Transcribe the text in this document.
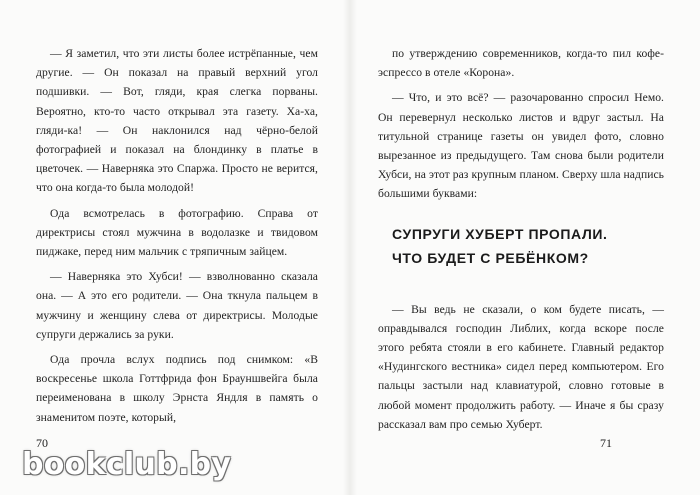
— Я заметил, что эти листы более истрёпанные, чем другие. — Он показал на правый верхний угол подшивки. — Вот, гляди, края слегка порваны. Вероятно, кто-то часто открывал эта газету. Ха-ха, гляди-ка! — Он наклонился над чёрно-белой фотографией и показал на блондинку в платье в цветочек. — Наверняка это Спаржа. Просто не верится, что она когда-то была молодой!

Ода всмотрелась в фотографию. Справа от директрисы стоял мужчина в водолазке и твидовом пиджаке, перед ним мальчик с тряпичным зайцем.

— Наверняка это Хубси! — взволнованно сказала она. — А это его родители. — Она ткнула пальцем в мужчину и женщину слева от директрисы. Молодые супруги держались за руки.

Ода прочла вслух подпись под снимком: «В воскресенье школа Готтфрида фон Брауншвейга была переименована в школу Эрнста Яндля в память о знаменитом поэте, который,

70

по утверждению современников, когда-то пил кофе-эспрессо в отеле «Корона».

— Что, и это всё? — разочарованно спросил Немо. Он перевернул несколько листов и вдруг застыл. На титульной странице газеты он увидел фото, словно вырезанное из предыдущего. Там снова были родители Хубси, на этот раз крупным планом. Сверху шла надпись большими буквами:

СУПРУГИ ХУБЕРТ ПРОПАЛИ.
ЧТО БУДЕТ С РЕБЁНКОМ?

— Вы ведь не сказали, о ком будете писать, — оправдывался господин Либлих, когда вскоре после этого ребята стояли в его кабинете. Главный редактор «Нудингского вестника» сидел перед компьютером. Его пальцы застыли над клавиатурой, словно готовые в любой момент продолжить работу. — Иначе я бы сразу рассказал вам про семью Хуберт.

71
bookclub.by
